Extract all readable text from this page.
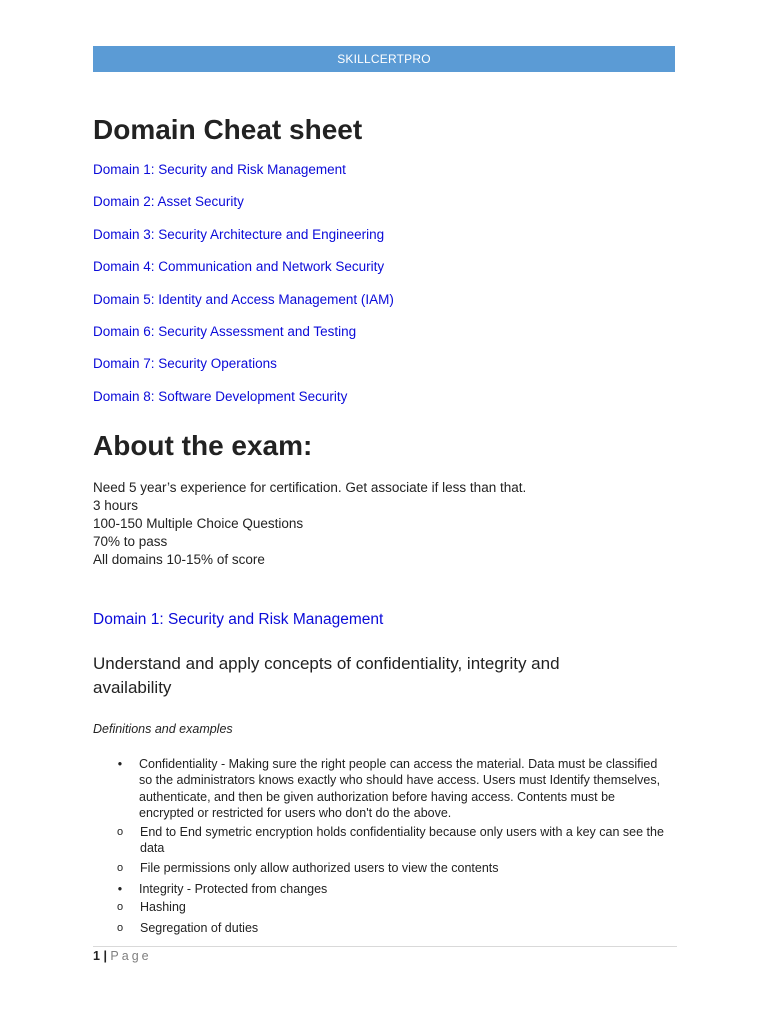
SKILLCERTPRO
Domain Cheat sheet
Domain 1: Security and Risk Management
Domain 2: Asset Security
Domain 3: Security Architecture and Engineering
Domain 4: Communication and Network Security
Domain 5: Identity and Access Management (IAM)
Domain 6: Security Assessment and Testing
Domain 7: Security Operations
Domain 8: Software Development Security
About the exam:
Need 5 year’s experience for certification. Get associate if less than that.
3 hours
100-150 Multiple Choice Questions
70% to pass
All domains 10-15% of score
Domain 1: Security and Risk Management
Understand and apply concepts of confidentiality, integrity and availability
Definitions and examples
• Confidentiality - Making sure the right people can access the material. Data must be classified so the administrators knows exactly who should have access. Users must Identify themselves, authenticate, and then be given authorization before having access. Contents must be encrypted or restricted for users who don't do the above.
o End to End symetric encryption holds confidentiality because only users with a key can see the data
o File permissions only allow authorized users to view the contents
• Integrity - Protected from changes
o Hashing
o Segregation of duties
1 | Page
